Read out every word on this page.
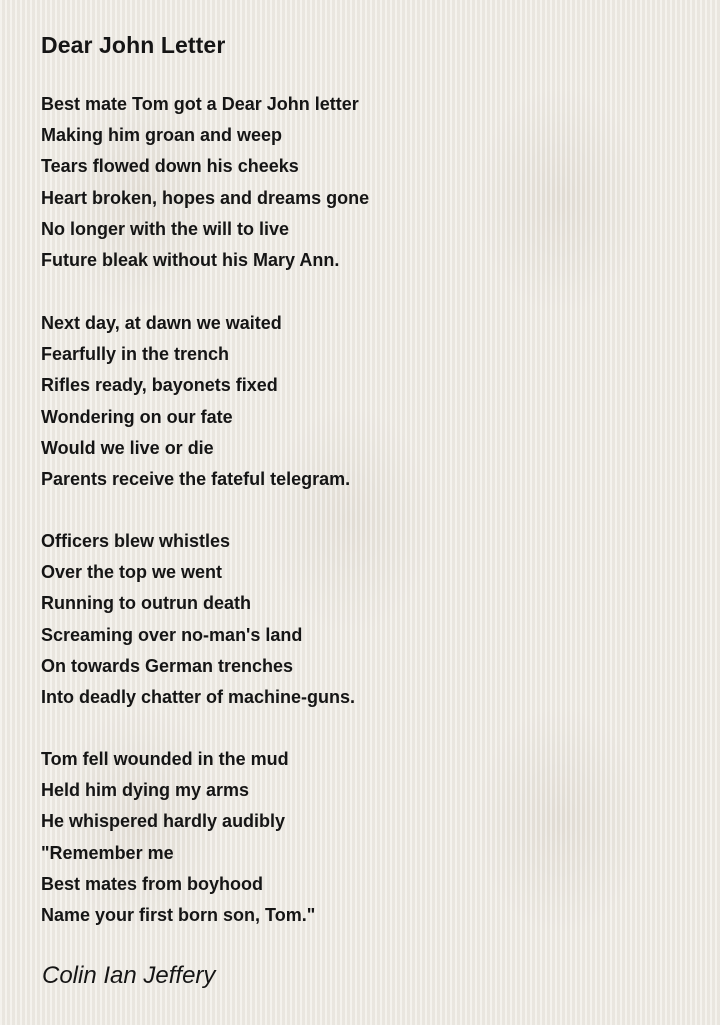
Dear John Letter
Best mate Tom got a Dear John letter
Making him groan and weep
Tears flowed down his cheeks
Heart broken, hopes and dreams gone
No longer with the will to live
Future bleak without his Mary Ann.
Next day, at dawn we waited
Fearfully in the trench
Rifles ready, bayonets fixed
Wondering on our fate
Would we live or die
Parents receive the fateful telegram.
Officers blew whistles
Over the top we went
Running to outrun death
Screaming over no-man's land
On towards German trenches
Into deadly chatter of machine-guns.
Tom fell wounded in the mud
Held him dying my arms
He whispered hardly audibly
"Remember me
Best mates from boyhood
Name your first born son, Tom."
Colin Ian Jeffery
